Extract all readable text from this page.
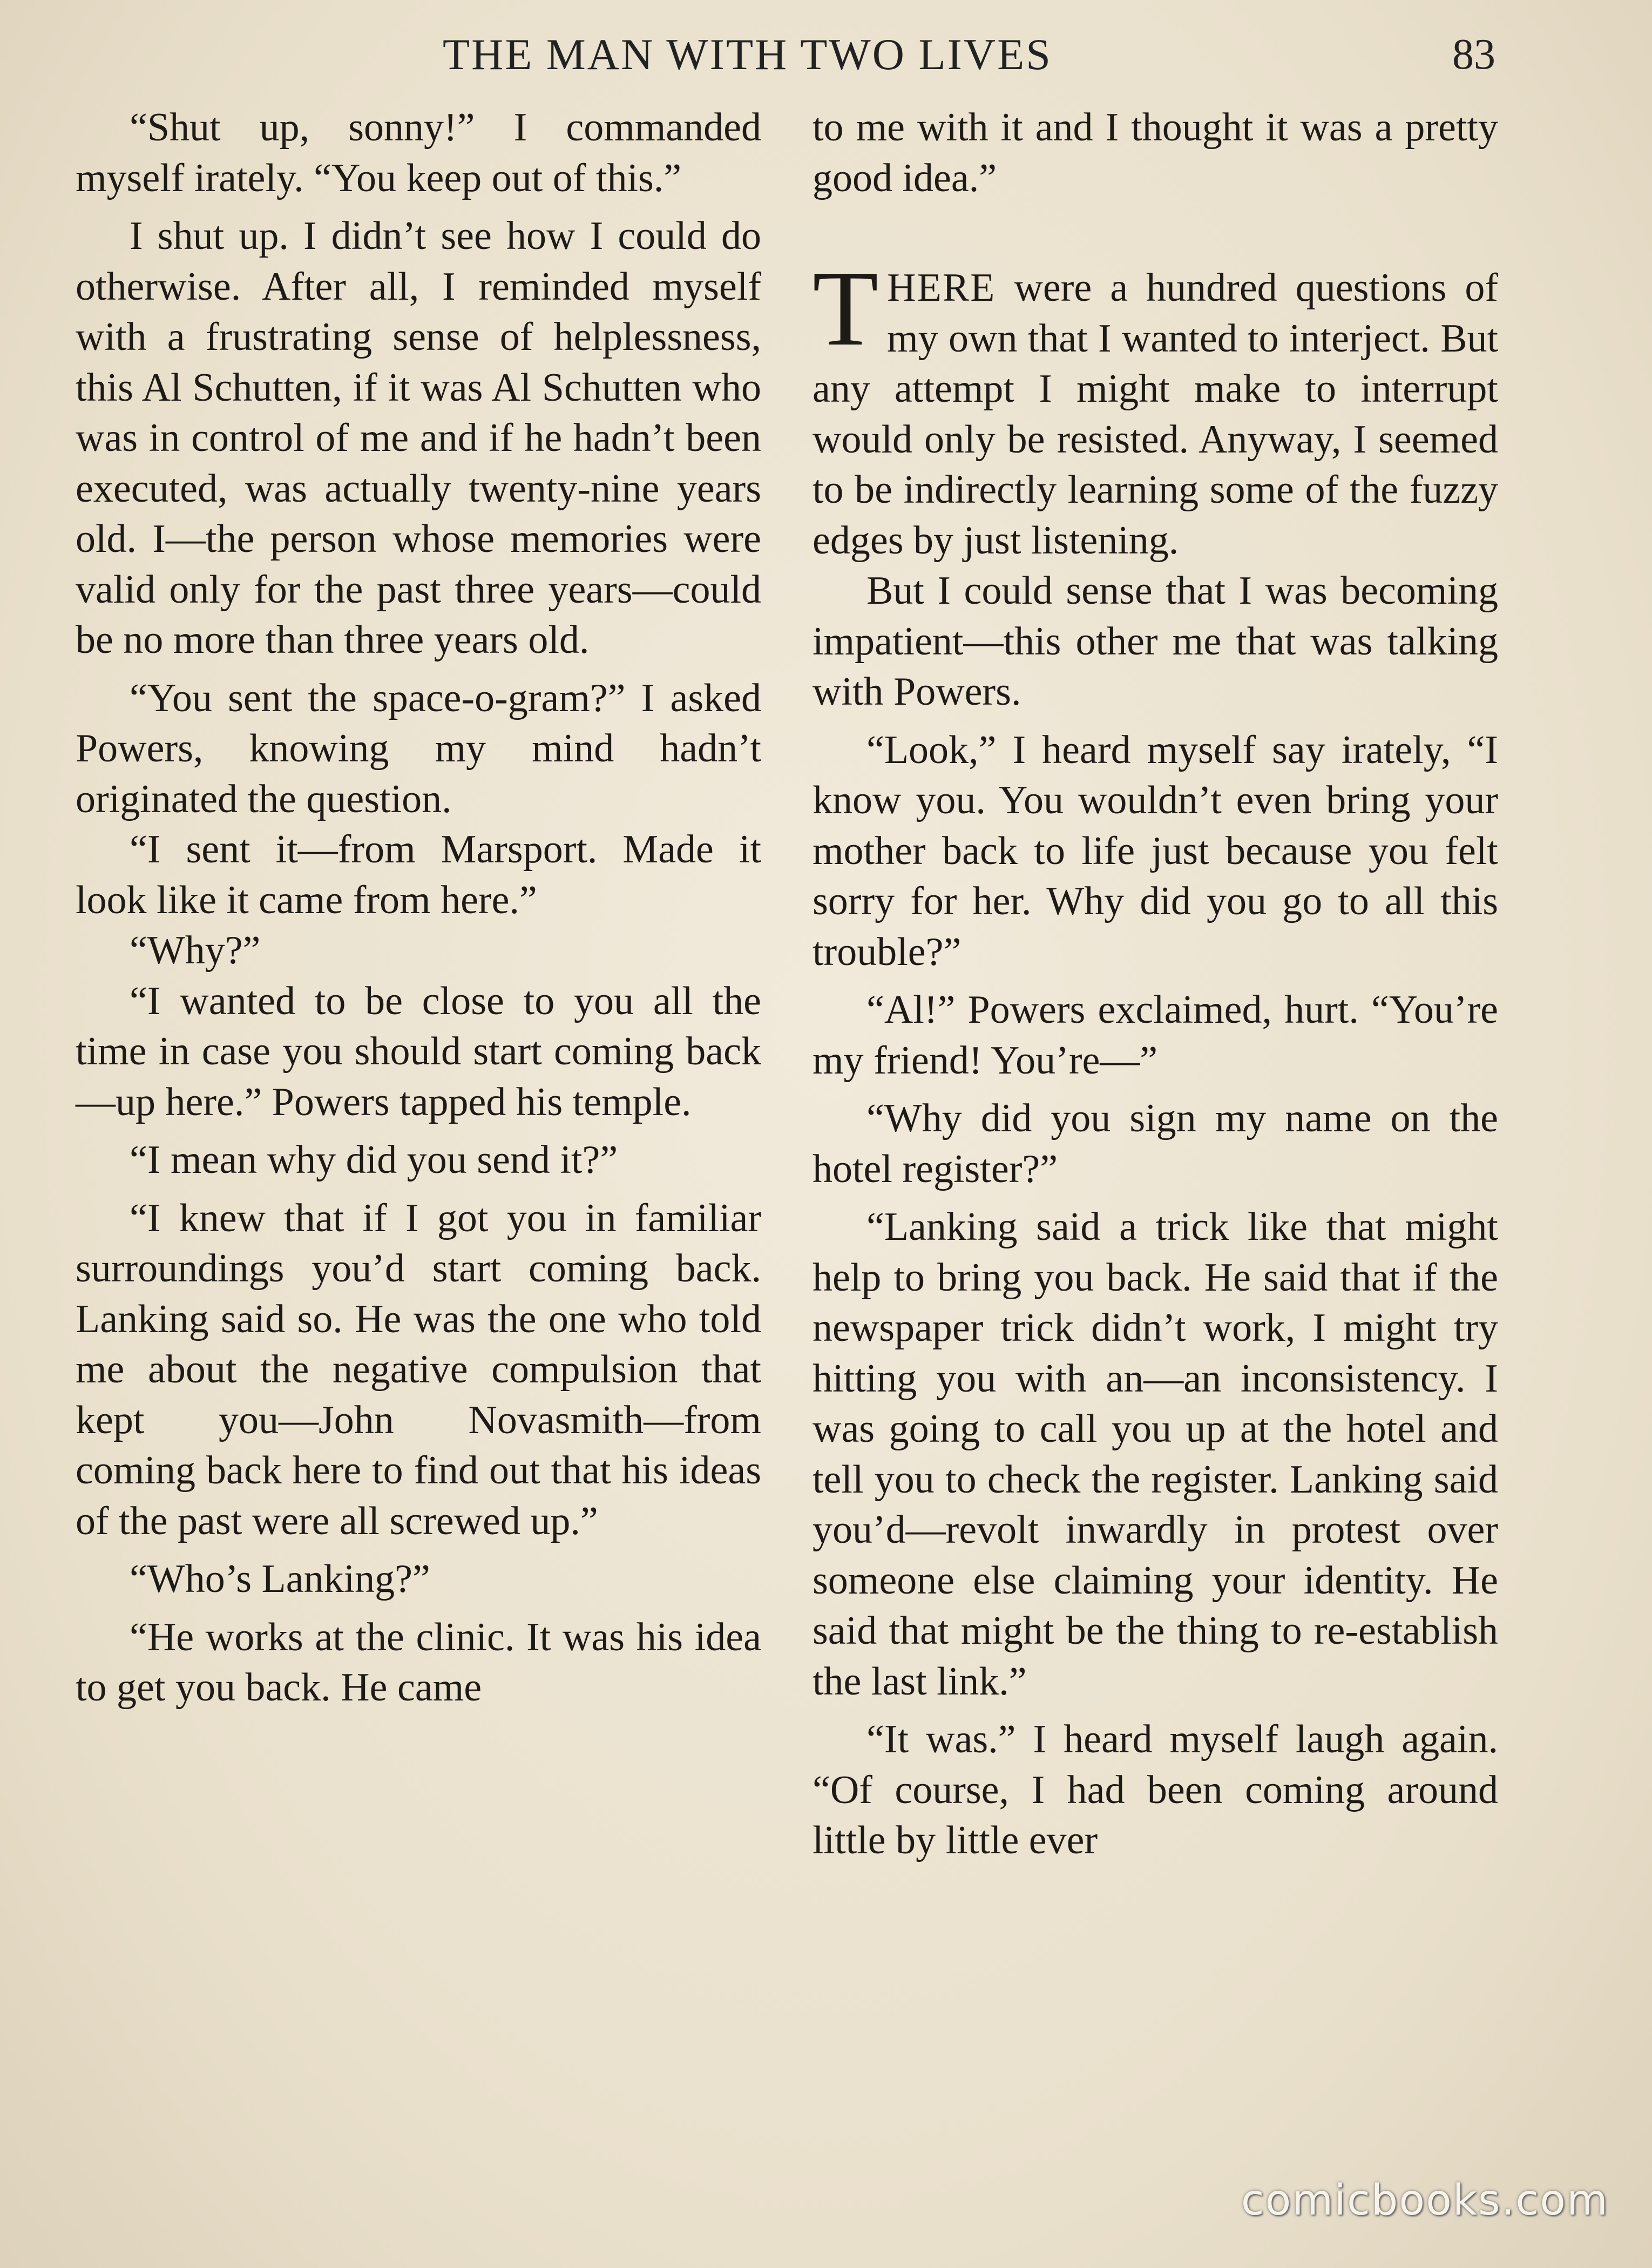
THE MAN WITH TWO LIVES	83

“Shut up, sonny!” I commanded myself irately. “You keep out of this.”

I shut up. I didn’t see how I could do otherwise. After all, I reminded myself with a frustrating sense of helplessness, this Al Schutten, if it was Al Schutten who was in control of me and if he hadn’t been executed, was actually twenty-nine years old. I—the person whose memories were valid only for the past three years—could be no more than three years old.

“You sent the space-o-gram?” I asked Powers, knowing my mind hadn’t originated the question.

“I sent it—from Marsport. Made it look like it came from here.”

“Why?”

“I wanted to be close to you all the time in case you should start coming back—up here.” Powers tapped his temple.

“I mean why did you send it?”

“I knew that if I got you in familiar surroundings you’d start coming back. Lanking said so. He was the one who told me about the negative compulsion that kept you—John Novasmith—from coming back here to find out that his ideas of the past were all screwed up.”

“Who’s Lanking?”

“He works at the clinic. It was his idea to get you back. He came

to me with it and I thought it was a pretty good idea.”

THERE were a hundred questions of my own that I wanted to interject. But any attempt I might make to interrupt would only be resisted. Anyway, I seemed to be indirectly learning some of the fuzzy edges by just listening.

But I could sense that I was becoming impatient—this other me that was talking with Powers.

“Look,” I heard myself say irately, “I know you. You wouldn’t even bring your mother back to life just because you felt sorry for her. Why did you go to all this trouble?”

“Al!” Powers exclaimed, hurt. “You’re my friend! You’re—”

“Why did you sign my name on the hotel register?”

“Lanking said a trick like that might help to bring you back. He said that if the newspaper trick didn’t work, I might try hitting you with an—an inconsistency. I was going to call you up at the hotel and tell you to check the register. Lanking said you’d—revolt inwardly in protest over someone else claiming your identity. He said that might be the thing to re-establish the last link.”

“It was.” I heard myself laugh again. “Of course, I had been coming around little by little ever

comicbooks.com
